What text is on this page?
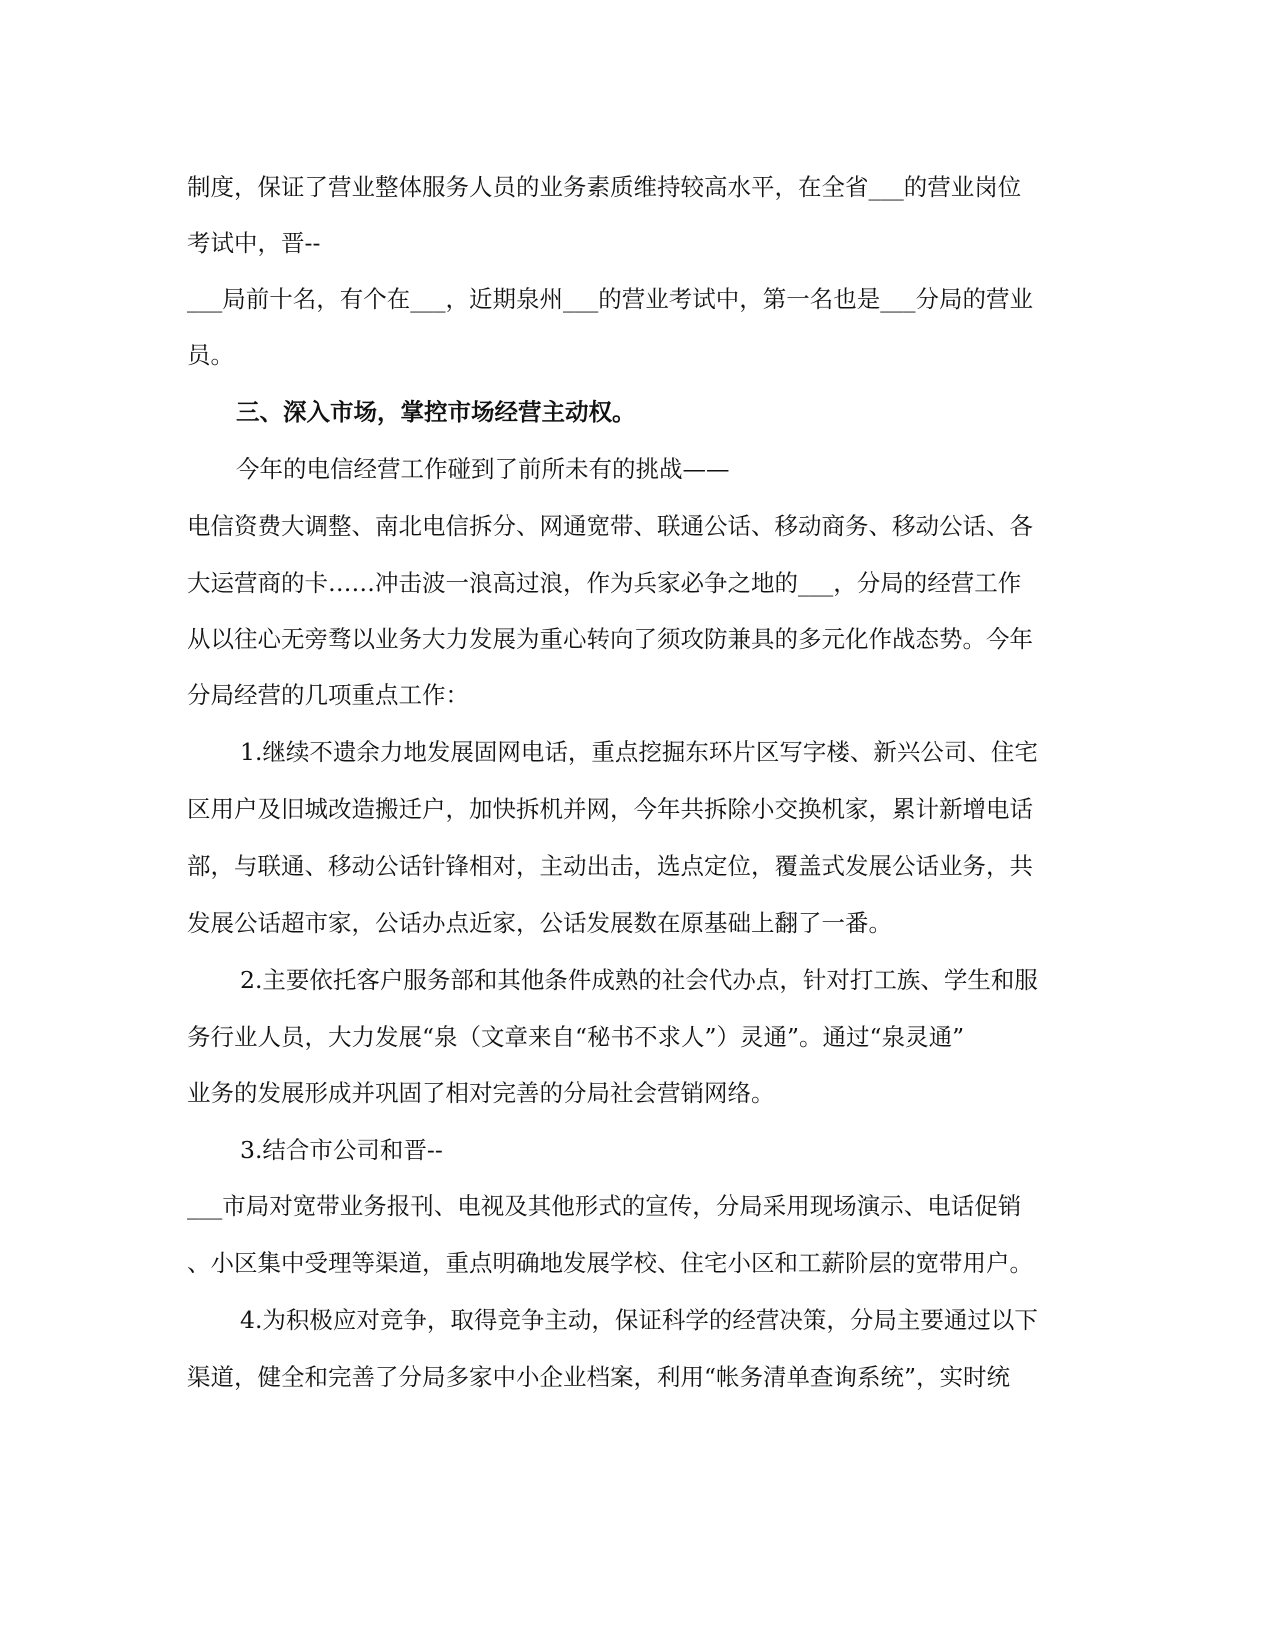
制度，保证了营业整体服务人员的业务素质维持较高水平，在全省___的营业岗位
考试中，晋--
___局前十名，有个在___，近期泉州___的营业考试中，第一名也是___分局的营业
员。
三、深入市场，掌控市场经营主动权。
今年的电信经营工作碰到了前所未有的挑战——
电信资费大调整、南北电信拆分、网通宽带、联通公话、移动商务、移动公话、各
大运营商的卡……冲击波一浪高过浪，作为兵家必争之地的___，分局的经营工作
从以往心无旁骛以业务大力发展为重心转向了须攻防兼具的多元化作战态势。今年
分局经营的几项重点工作：
1.继续不遗余力地发展固网电话，重点挖掘东环片区写字楼、新兴公司、住宅
区用户及旧城改造搬迁户，加快拆机并网，今年共拆除小交换机家，累计新增电话
部，与联通、移动公话针锋相对，主动出击，选点定位，覆盖式发展公话业务，共
发展公话超市家，公话办点近家，公话发展数在原基础上翻了一番。
2.主要依托客户服务部和其他条件成熟的社会代办点，针对打工族、学生和服
务行业人员，大力发展“泉（文章来自“秘书不求人”）灵通”。通过“泉灵通”
业务的发展形成并巩固了相对完善的分局社会营销网络。
3.结合市公司和晋--
___市局对宽带业务报刊、电视及其他形式的宣传，分局采用现场演示、电话促销
、小区集中受理等渠道，重点明确地发展学校、住宅小区和工薪阶层的宽带用户。
4.为积极应对竞争，取得竞争主动，保证科学的经营决策，分局主要通过以下
渠道，健全和完善了分局多家中小企业档案，利用“帐务清单查询系统”，实时统
